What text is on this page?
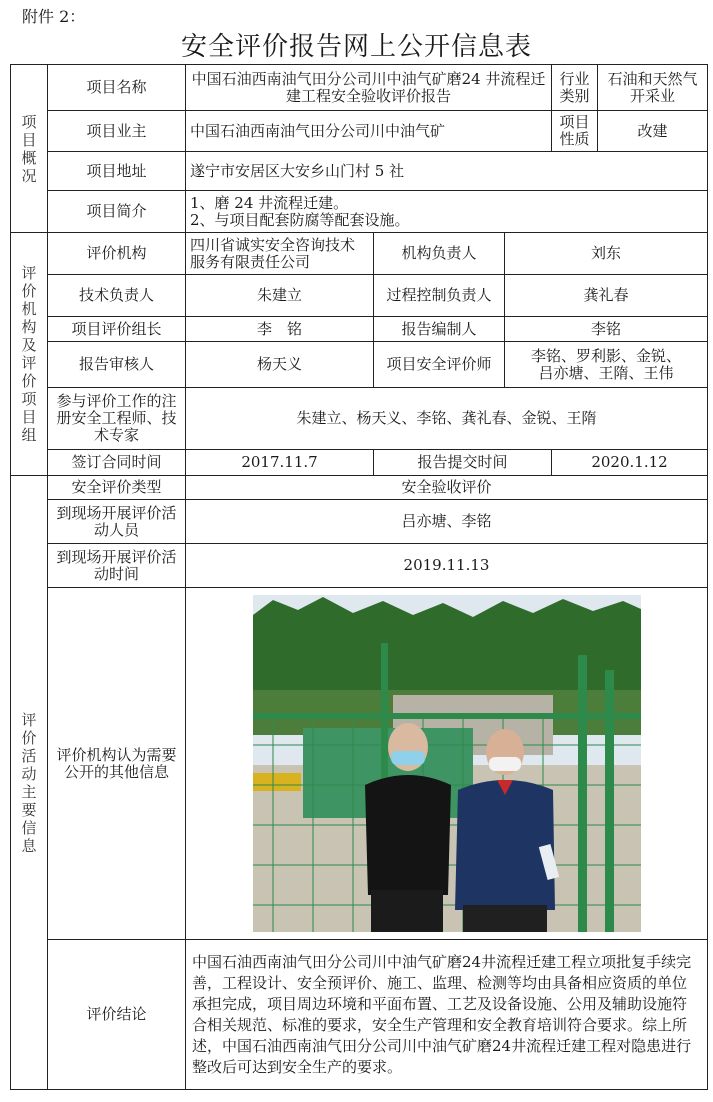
附件 2：
安全评价报告网上公开信息表
项目概况	项目名称	中国石油西南油气田分公司川中油气矿磨24 井流程迁建工程安全验收评价报告			行业类别	石油和天然气开采业
	项目业主	中国石油西南油气田分公司川中油气矿			项目性质	改建
	项目地址	遂宁市安居区大安乡山门村 5 社				
	项目简介	1、磨 24 井流程迁建。
2、与项目配套防腐等配套设施。				

评价机构及评价项目组	评价机构	四川省诚实安全咨询技术服务有限责任公司	机构负责人	刘东		
	技术负责人	朱建立	过程控制负责人	龚礼春		
	项目评价组长	李　铭	报告编制人	李铭		
	报告审核人	杨天义	项目安全评价师	李铭、罗利影、金锐、
吕亦塘、王隋、王伟		

	参与评价工作的注册安全工程师、技术专家	朱建立、杨天义、李铭、龚礼春、金锐、王隋				
	签订合同时间	2017.11.7	报告提交时间		2020.1.12	
评价活动主要信息	安全评价类型	安全验收评价				
	到现场开展评价活动人员	吕亦塘、李铭				
	到现场开展评价活动时间	2019.11.13				
	评价机构认为需要公开的其他信息	

	评价结论	中国石油西南油气田分公司川中油气矿磨24井流程迁建工程立项批复手续完善，工程设计、安全预评价、施工、监理、检测等均由具备相应资质的单位承担完成，项目周边环境和平面布置、工艺及设备设施、公用及辅助设施符合相关规范、标准的要求，安全生产管理和安全教育培训符合要求。综上所述，中国石油西南油气田分公司川中油气矿磨24井流程迁建工程对隐患进行整改后可达到安全生产的要求。				
